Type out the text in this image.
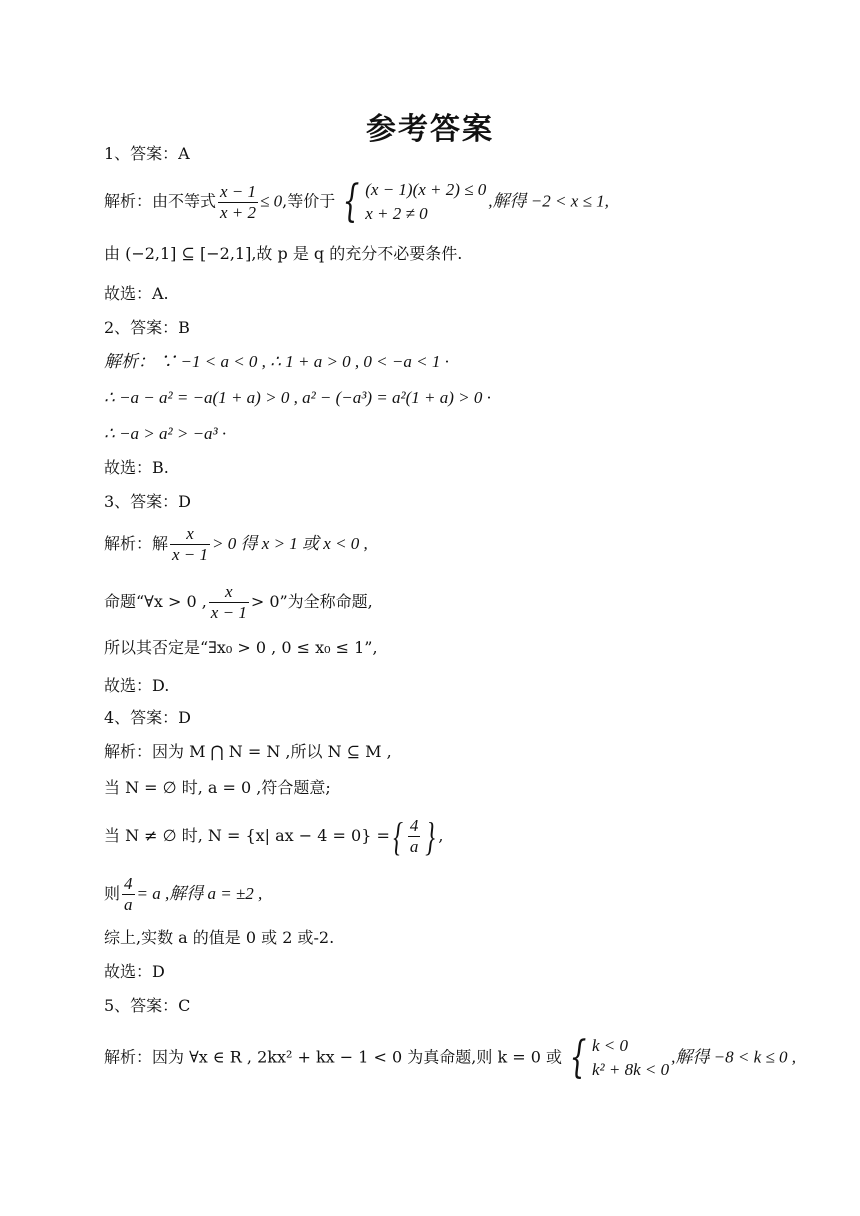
参考答案
1、答案：A
解析：由不等式 $\frac{x - 1}{x + 2} \le 0$,等价于 { (x − 1)(x + 2) ≤ 0
x + 2 ≠ 0
,解得 −2 < x ≤ 1,
由 (−2,1] ⊆ [−2,1],故 p 是 q 的充分不必要条件.
故选：A.
2、答案：B
解析： ∵ −1 < a < 0 , ∴ 1 + a > 0 , 0 < −a < 1 ·
∴ −a − a² = −a(1 + a) > 0 , a² − (−a³) = a²(1 + a) > 0 ·
∴ −a > a² > −a³ ·
故选：B.
3、答案：D
解析：解 $\frac{x}{x - 1} > 0$ 得 x > 1 或 x < 0 ,
命题“∀x > 0 , $\frac{x}{x - 1} > 0$”为全称命题,
所以其否定是“∃x₀ > 0 , 0 ≤ x₀ ≤ 1”,
故选：D.
4、答案：D
解析：因为 M ⋂ N = N ,所以 N ⊆ M ,
当 N = ∅ 时, a = 0 ,符合题意;
当 N ≠ ∅ 时, N = {x| ax − 4 = 0} ={ $\frac{4}{a}$ } ,
则 $\frac{4}{a} = a$ ,解得 a = ±2 ,
综上,实数 a 的值是 0 或 2 或-2.
故选：D
5、答案：C
解析：因为 ∀x ∈ R , 2kx² + kx − 1 < 0 为真命题,则 k = 0 或 { k < 0
k² + 8k < 0
,解得 −8 < k ≤ 0 ,
